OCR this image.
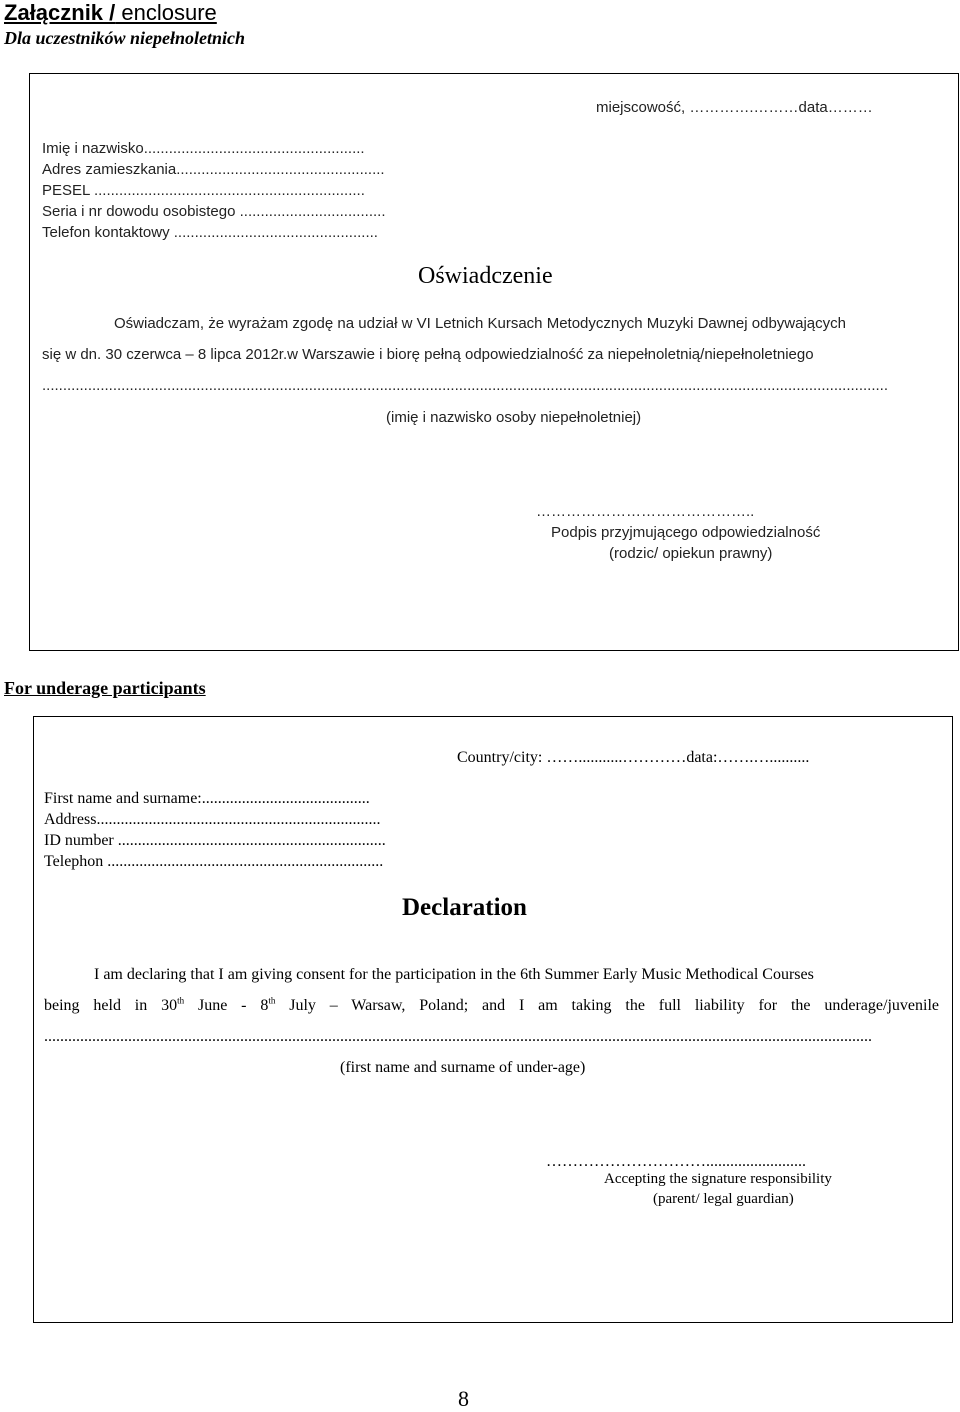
Załącznik / enclosure
Dla uczestników niepełnoletnich
miejscowość, ………….………data………
Imię i nazwisko.....................................................
Adres zamieszkania..................................................
PESEL .................................................................
Seria i nr dowodu osobistego ...................................
Telefon kontaktowy .................................................
Oświadczenie
Oświadczam, że wyrażam zgodę na udział w VI Letnich Kursach Metodycznych Muzyki Dawnej odbywających
się w dn. 30 czerwca – 8 lipca 2012r.w Warszawie i biorę pełną odpowiedzialność za niepełnoletnią/niepełnoletniego
...........................................................................................................................................................................................................
(imię i nazwisko osoby niepełnoletniej)
……………………………………..
Podpis przyjmującego odpowiedzialność
(rodzic/ opiekun prawny)
For underage participants
Country/city: ……...........…………data:…….…..........
First name and surname:..........................................
Address.......................................................................
ID number ...................................................................
Telephon .....................................................................
Declaration
I am declaring that I am giving consent for the participation in the 6th Summer Early Music Methodical Courses
being held in 30th June - 8th July – Warsaw, Poland; and I am taking the full liability for the underage/juvenile
...............................................................................................................................................................................................................
(first name and surname of under-age)
………………………….........................
Accepting the signature responsibility
(parent/ legal guardian)
8
